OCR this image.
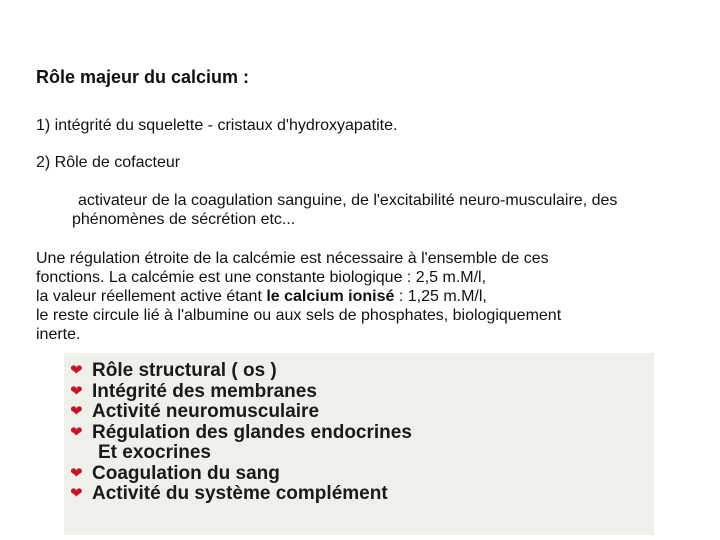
Rôle majeur du calcium :

1) intégrité du squelette - cristaux d'hydroxyapatite.

2) Rôle de cofacteur

activateur de la coagulation sanguine, de l'excitabilité neuro-musculaire, des phénomènes de sécrétion etc...

Une régulation étroite de la calcémie est nécessaire à l'ensemble de ces
fonctions. La calcémie est une constante biologique : 2,5 m.M/l,
la valeur réellement active étant le calcium ionisé : 1,25 m.M/l,
le reste circule lié à l'albumine ou aux sels de phosphates, biologiquement
inerte.

❤ Rôle structural ( os )
❤ Intégrité des membranes
❤ Activité neuromusculaire
❤ Régulation des glandes endocrines
Et exocrines
❤ Coagulation du sang
❤ Activité du système complément
